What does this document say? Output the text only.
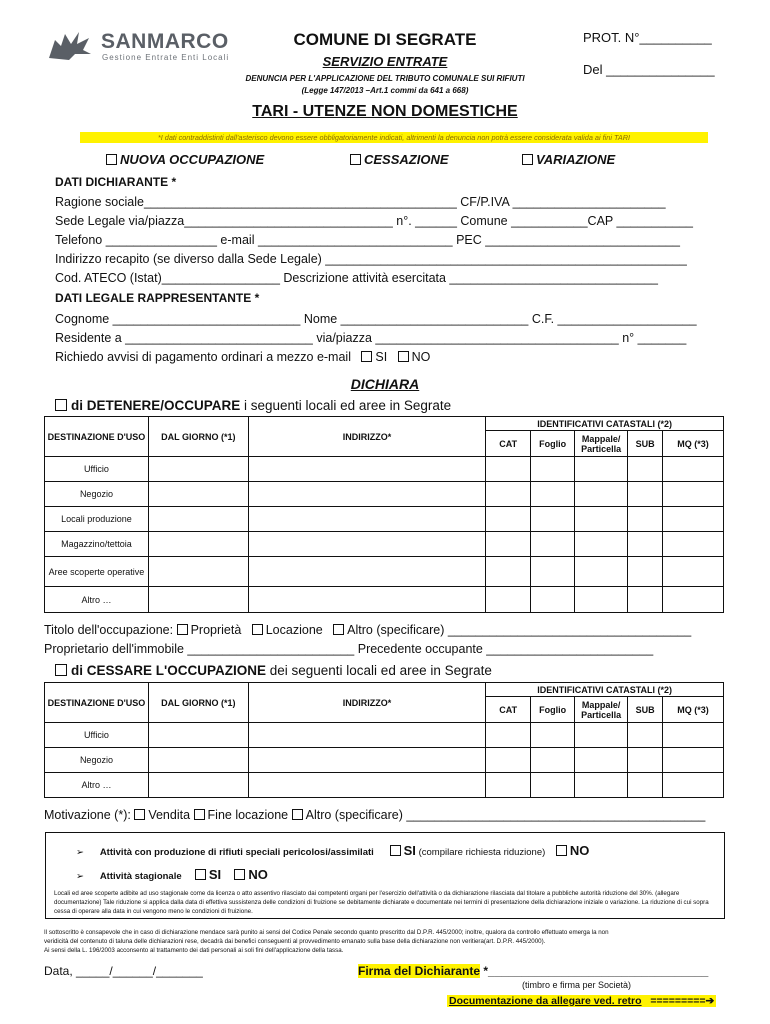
SANMARCO
Gestione Entrate Enti Locali
COMUNE DI SEGRATE
SERVIZIO ENTRATE
DENUNCIA PER L'APPLICAZIONE DEL TRIBUTO COMUNALE SUI RIFIUTI
(Legge 147/2013 –Art.1 commi da 641 a 668)
PROT. N°__________
Del _______________
TARI - UTENZE NON DOMESTICHE
*I dati contraddistinti dall'asterisco devono essere obbligatoriamente indicati, altrimenti la denuncia non potrà essere considerata valida ai fini TARI
NUOVA OCCUPAZIONE	CESSAZIONE	VARIAZIONE
DATI DICHIARANTE *
Ragione sociale_____________________________________________ CF/P.IVA ______________________
Sede Legale via/piazza______________________________ n°. ______ Comune ___________CAP ___________
Telefono ________________ e-mail ____________________________ PEC ____________________________
Indirizzo recapito (se diverso dalla Sede Legale) ____________________________________________________
Cod. ATECO (Istat)_________________ Descrizione attività esercitata ______________________________
DATI LEGALE RAPPRESENTANTE *
Cognome ___________________________ Nome ___________________________ C.F. ____________________
Residente a ___________________________ via/piazza ___________________________________ n° _______
Richiedo avvisi di pagamento ordinari a mezzo e-mail SI NO
DICHIARA
di DETENERE/OCCUPARE i seguenti locali ed aree in Segrate
DESTINAZIONE D'USO	DAL GIORNO (*1)	INDIRIZZO*	IDENTIFICATIVI CATASTALI (*2)				
			CAT	Foglio	Mappale/ Particella	SUB	MQ (*3)
Ufficio							
Negozio							
Locali produzione							
Magazzino/tettoia							
Aree scoperte operative							
Altro …							
Titolo dell'occupazione: Proprietà Locazione Altro (specificare) ___________________________________
Proprietario dell'immobile ________________________ Precedente occupante ________________________
di CESSARE L'OCCUPAZIONE dei seguenti locali ed aree in Segrate
DESTINAZIONE D'USO	DAL GIORNO (*1)	INDIRIZZO*	IDENTIFICATIVI CATASTALI (*2)				
			CAT	Foglio	Mappale/ Particella	SUB	MQ (*3)
Ufficio							
Negozio							
Altro …							
Motivazione (*): Vendita Fine locazione Altro (specificare) ___________________________________________
➢ Attività con produzione di rifiuti speciali pericolosi/assimilati SI (compilare richiesta riduzione) NO
➢ Attività stagionale SI NO
Locali ed aree scoperte adibite ad uso stagionale come da licenza o atto assentivo rilasciato dai competenti organi per l'esercizio dell'attività o da dichiarazione rilasciata dal titolare a pubbliche autorità riduzione del 30%. (allegare documentazione) Tale riduzione si applica dalla data di effettiva sussistenza delle condizioni di fruizione se debitamente dichiarate e documentate nei termini di presentazione della dichiarazione iniziale o variazione. La riduzione di cui sopra cessa di operare alla data in cui vengono meno le condizioni di fruizione.
Il sottoscritto è consapevole che in caso di dichiarazione mendace sarà punito ai sensi del Codice Penale secondo quanto prescritto dal D.P.R. 445/2000; inoltre, qualora da controllo effettuato emerga la non
veridicità del contenuto di taluna delle dichiarazioni rese, decadrà dai benefici conseguenti al provvedimento emanato sulla base della dichiarazione non veritiera(art. D.P.R. 445/2000).
Ai sensi della L. 196/2003 acconsento al trattamento dei dati personali ai soli fini dell'applicazione della tassa.
Data, _____/______/_______	Firma del Dichiarante *_________________________________
(timbro e firma per Società)
Documentazione da allegare ved. retro =========➔
